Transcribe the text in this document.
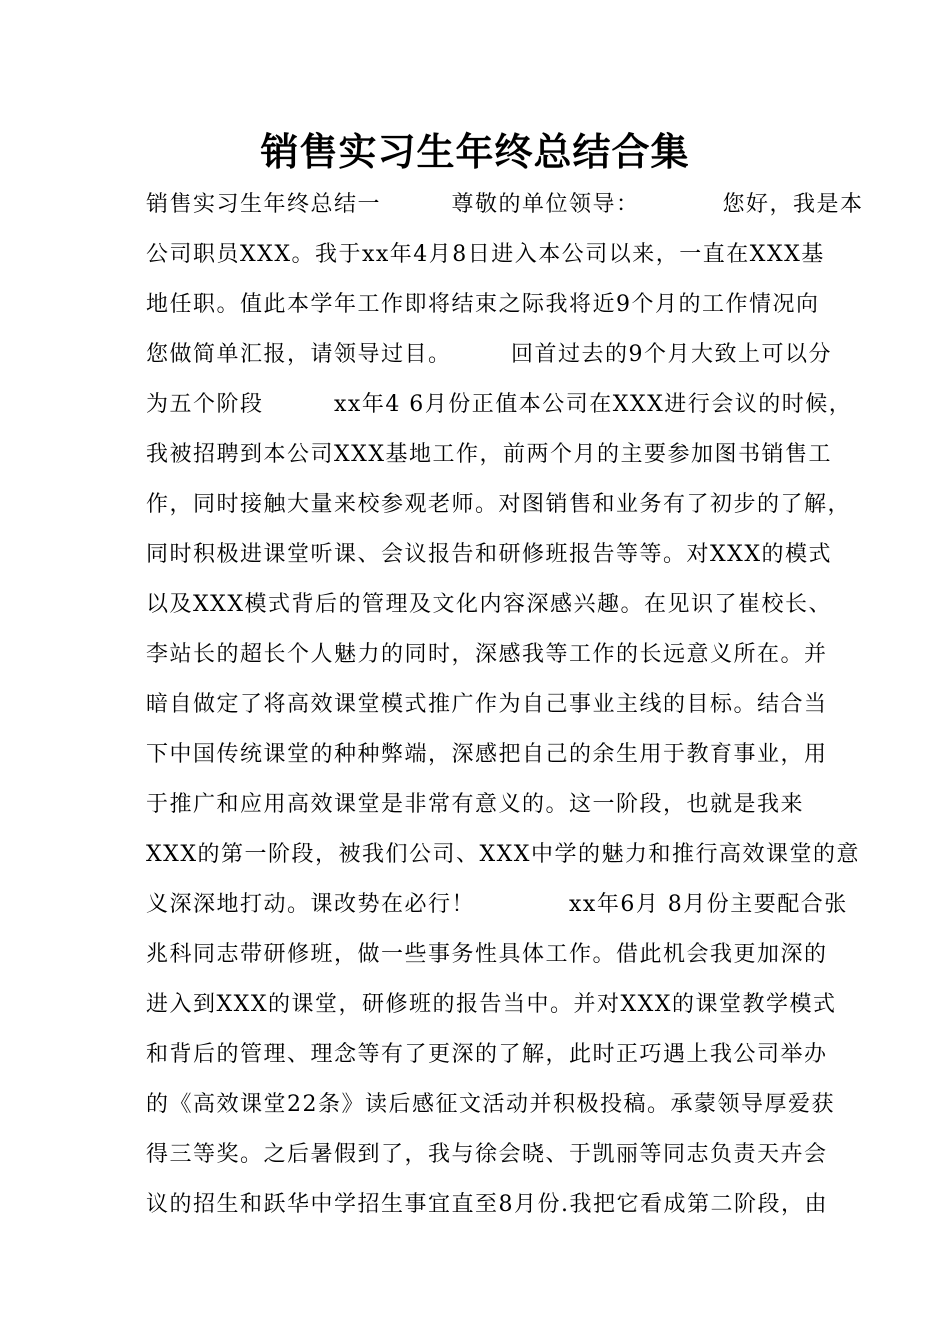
销售实习生年终总结合集
销售实习生年终总结一　　　尊敬的单位领导：　　　　您好，我是本
公司职员XXX。我于xx年4月8日进入本公司以来，一直在XXX基
地任职。值此本学年工作即将结束之际我将近9个月的工作情况向
您做简单汇报，请领导过目。　　　回首过去的9个月大致上可以分
为五个阶段　　　xx年4 6月份正值本公司在XXX进行会议的时候，
我被招聘到本公司XXX基地工作，前两个月的主要参加图书销售工
作，同时接触大量来校参观老师。对图销售和业务有了初步的了解，
同时积极进课堂听课、会议报告和研修班报告等等。对XXX的模式
以及XXX模式背后的管理及文化内容深感兴趣。在见识了崔校长、
李站长的超长个人魅力的同时，深感我等工作的长远意义所在。并
暗自做定了将高效课堂模式推广作为自己事业主线的目标。结合当
下中国传统课堂的种种弊端，深感把自己的余生用于教育事业，用
于推广和应用高效课堂是非常有意义的。这一阶段，也就是我来
XXX的第一阶段，被我们公司、XXX中学的魅力和推行高效课堂的意
义深深地打动。课改势在必行！　　　　xx年6月 8月份主要配合张
兆科同志带研修班，做一些事务性具体工作。借此机会我更加深的
进入到XXX的课堂，研修班的报告当中。并对XXX的课堂教学模式
和背后的管理、理念等有了更深的了解，此时正巧遇上我公司举办
的《高效课堂22条》读后感征文活动并积极投稿。承蒙领导厚爱获
得三等奖。之后暑假到了，我与徐会晓、于凯丽等同志负责天卉会
议的招生和跃华中学招生事宜直至8月份.我把它看成第二阶段，由
